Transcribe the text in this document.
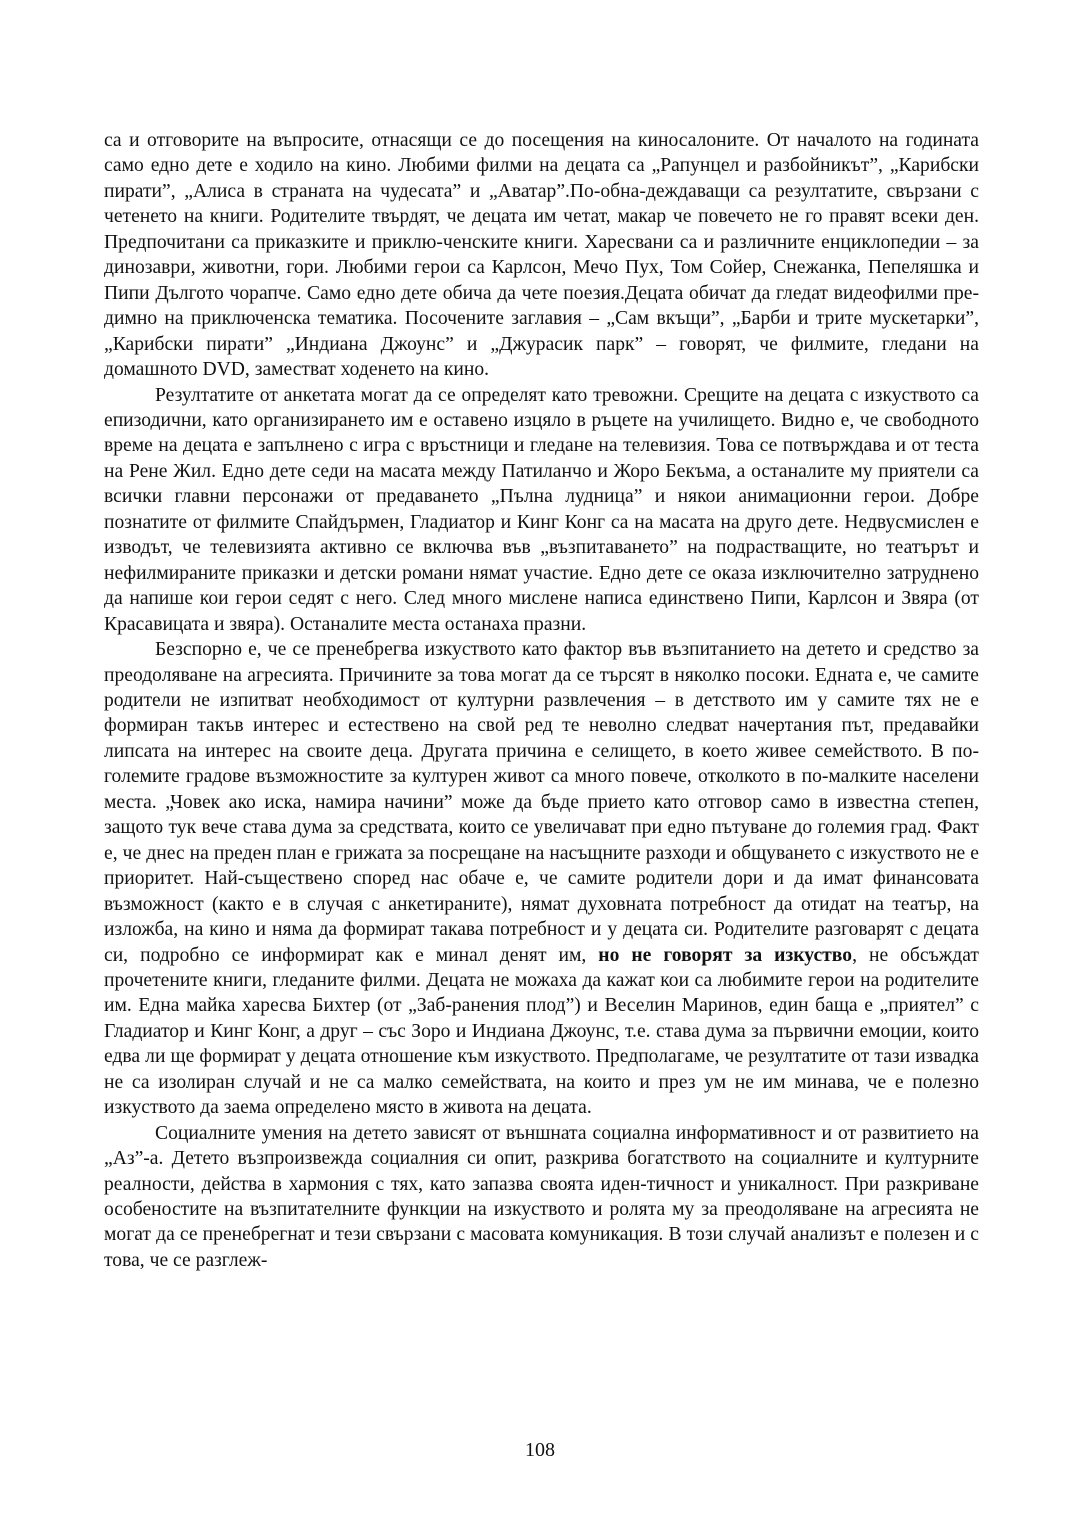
са и отговорите на въпросите, отнасящи се до посещения на киносалоните. От началото на годината само едно дете е ходило на кино. Любими филми на децата са „Рапунцел и разбойникът”, „Карибски пирати”, „Алиса в страната на чудесата” и „Аватар”.По-обна-деждаващи са резултатите, свързани с четенето на книги. Родителите твърдят, че децата им четат, макар че повечето не го правят всеки ден. Предпочитани са приказките и приклю-ченските книги. Харесвани са и различните енциклопедии – за динозаври, животни, гори. Любими герои са Карлсон, Мечо Пух, Том Сойер, Снежанка, Пепеляшка и Пипи Дългото чорапче. Само едно дете обича да чете поезия.Децата обичат да гледат видеофилми пре-димно на приключенска тематика. Посочените заглавия – „Сам вкъщи”, „Барби и трите мускетарки”, „Карибски пирати” „Индиана Джоунс” и „Джурасик парк” – говорят, че филмите, гледани на домашното DVD, заместват ходенето на кино.

Резултатите от анкетата могат да се определят като тревожни. Срещите на децата с изкуството са епизодични, като организирането им е оставено изцяло в ръцете на училището. Видно е, че свободното време на децата е запълнено с игра с връстници и гледане на телевизия. Това се потвърждава и от теста на Рене Жил. Едно дете седи на масата между Патиланчо и Жоро Бекъма, а останалите му приятели са всички главни персонажи от предаването „Пълна лудница” и някои анимационни герои. Добре познатите от филмите Спайдърмен, Гладиатор и Кинг Конг са на масата на друго дете. Недвусмислен е изводът, че телевизията активно се включва във „възпитаването” на подрастващите, но театърът и нефилмираните приказки и детски романи нямат участие. Едно дете се оказа изключително затруднено да напише кои герои седят с него. След много мислене написа единствено Пипи, Карлсон и Звяра (от Красавицата и звяра). Останалите места останаха празни.

Безспорно е, че се пренебрегва изкуството като фактор във възпитанието на детето и средство за преодоляване на агресията. Причините за това могат да се търсят в няколко посоки. Едната е, че самите родители не изпитват необходимост от културни развлечения – в детството им у самите тях не е формиран такъв интерес и естествено на свой ред те неволно следват начертания път, предавайки липсата на интерес на своите деца. Другата причина е селището, в което живее семейството. В по-големите градове възможностите за културен живот са много повече, отколкото в по-малките населени места. „Човек ако иска, намира начини” може да бъде прието като отговор само в известна степен, защото тук вече става дума за средствата, които се увеличават при едно пътуване до големия град. Факт е, че днес на преден план е грижата за посрещане на насъщните разходи и общуването с изкуството не е приоритет. Най-съществено според нас обаче е, че самите родители дори и да имат финансовата възможност (както е в случая с анкетираните), нямат духовната потребност да отидат на театър, на изложба, на кино и няма да формират такава потребност и у децата си. Родителите разговарят с децата си, подробно се информират как е минал денят им, но не говорят за изкуство, не обсъждат прочетените книги, гледаните филми. Децата не можаха да кажат кои са любимите герои на родителите им. Една майка харесва Бихтер (от „Заб-ранения плод”) и Веселин Маринов, един баща е „приятел” с Гладиатор и Кинг Конг, а друг – със Зоро и Индиана Джоунс, т.е. става дума за първични емоции, които едва ли ще формират у децата отношение към изкуството. Предполагаме, че резултатите от тази извадка не са изолиран случай и не са малко семействата, на които и през ум не им минава, че е полезно изкуството да заема определено място в живота на децата.

Социалните умения на детето зависят от външната социална информативност и от развитието на „Аз”-а. Детето възпроизвежда социалния си опит, разкрива богатството на социалните и културните реалности, действа в хармония с тях, като запазва своята иден-тичност и уникалност. При разкриване особеностите на възпитателните функции на изкуството и ролята му за преодоляване на агресията не могат да се пренебрегнат и тези свързани с масовата комуникация. В този случай анализът е полезен и с това, че се разглеж-

108
